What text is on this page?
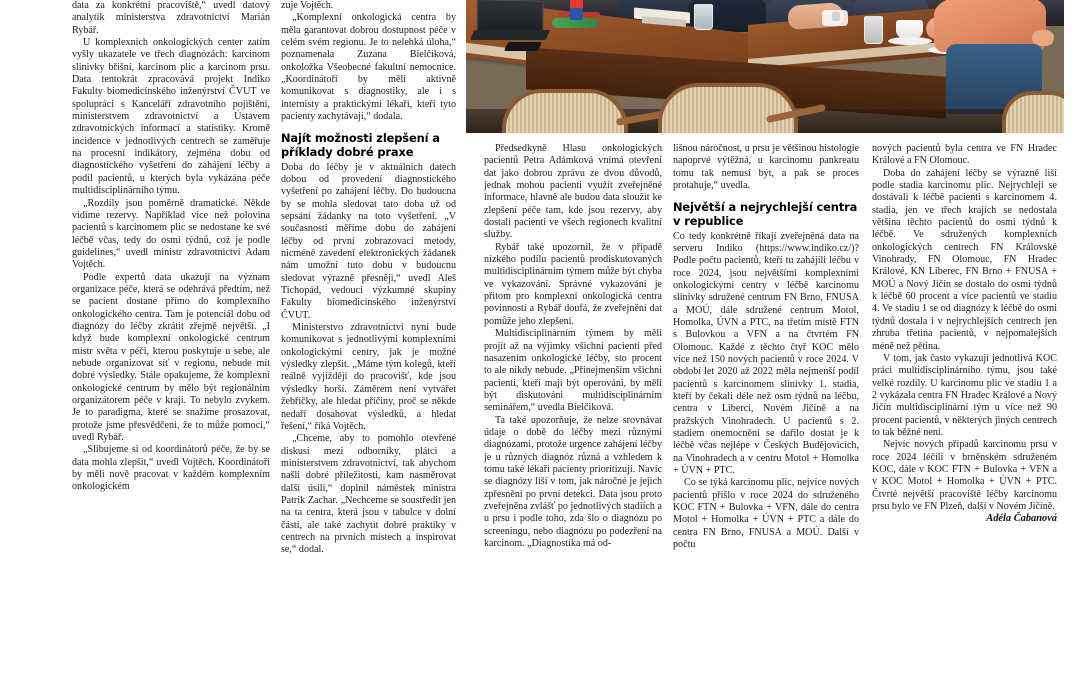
data za konkrétní pracoviště,“ uvedl datový analytik ministerstva zdravotnictví Marián Rybář.

U komplexních onkologických center zatím vyšly ukazatele ve třech diagnózách: karcinom slinivky břišní, karcinom plic a karcinom prsu. Data tentokrát zpracovává projekt Indiko Fakulty biomedicínského inženýrství ČVUT ve spolupráci s Kanceláří zdravotního pojištění, ministerstvem zdravotnictví a Ústavem zdravotnických informací a statistiky. Kromě incidence v jednotlivých centrech se zaměřuje na procesní indikátory, zejména dobu od diagnostického vyšetření do zahájení léčby a podíl pacientů, u kterých byla vykázána péče multidisciplinárního týmu.

„Rozdíly jsou poměrně dramatické. Někde vidíme rezervy. Například více než polovina pacientů s karcinomem plic se nedostane ke své léčbě včas, tedy do osmi týdnů, což je podle guidelines,“ uvedl ministr zdravotnictví Adam Vojtěch.

Podle expertů data ukazují na význam organizace péče, která se odehrává předtím, než se pacient dostane přímo do komplexního onkologického centra. Tam je potenciál dobu od diagnózy do léčby zkrátit zřejmě největší. „I když bude komplexní onkologické centrum mistr světa v péči, kterou poskytuje u sebe, ale nebude organizovat síť v regionu, nebude mít dobré výsledky. Stále opakujeme, že komplexní onkologické centrum by mělo být regionálním organizátorem péče v kraji. To nebylo zvykem. Je to paradigma, které se snažíme prosazovat, protože jsme přesvědčeni, že to může pomoci,“ uvedl Rybář.

„Slibujeme si od koordinátorů péče, že by se data mohla zlepšit,“ uvedl Vojtěch. Koordinátoři by měli nově pracovat v každém komplexním onkologickém

zuje Vojtěch.

„Komplexní onkologická centra by měla garantovat dobrou dostupnost péče v celém svém regionu. Je to nelehká úloha,“ poznamenala Zuzana Bielčiková, onkoložka Všeobecné fakultní nemocnice. „Koordinátoři by měli aktivně komunikovat s diagnostiky, ale i s internisty a praktickými lékaři, kteří tyto pacienty zachytávají,“ dodala.

Najít možnosti zlepšení a příklady dobré praxe

Doba do léčby je v aktuálních datech dobou od provedení diagnostického vyšetření po zahájení léčby. Do budoucna by se mohla sledovat tato doba už od sepsání žádanky na toto vyšetření. „V současnosti měříme dobu do zahájení léčby od první zobrazovací metody, nicméně zavedení elektronických žádanek nám umožní tuto dobu v budoucnu sledovat výrazně přesněji,“ uvedl Aleš Tichopád, vedoucí výzkumné skupiny Fakulty biomedicínského inženýrství ČVUT.

Ministerstvo zdravotnictví nyní bude komunikovat s jednotlivými komplexními onkologickými centry, jak je možné výsledky zlepšit. „Máme tým kolegů, kteří reálně vyjíždějí do pracovišť, kde jsou výsledky horší. Záměrem není vytvářet žebříčky, ale hledat příčiny, proč se někde nedaří dosahovat výsledků, a hledat řešení,“ říká Vojtěch.

„Chceme, aby to pomohlo otevřené diskusi mezi odborníky, plátci a ministerstvem zdravotnictví, tak abychom našli dobré příležitosti, kam nasměrovat další úsilí,“ doplnil náměstek ministra Patrik Zachar. „Nechceme se soustředit jen na ta centra, která jsou v tabulce v dolní části, ale také zachytit dobré praktiky v centrech na prvních místech a inspirovat se,“ dodal.

Předsedkyně Hlasu onkologických pacientů Petra Adámková vnímá otevření dat jako dobrou zprávu ze dvou důvodů, jednak mohou pacienti využít zveřejněné informace, hlavně ale budou data sloužit ke zlepšení péče tam, kde jsou rezervy, aby dostali pacienti ve všech regionech kvalitní služby.

Rybář také upozornil, že v případě nízkého podílu pacientů prodiskutovaných multidisciplinárním týmem může být chyba ve vykazování. Správné vykazování je přitom pro komplexní onkologická centra povinností a Rybář doufá, že zveřejnění dat pomůže jeho zlepšení.

Multidisciplinárním týmem by měli projít až na výjimky všichni pacienti před nasazením onkologické léčby, sto procent to ale nikdy nebude. „Přinejmenším všichni pacienti, kteří mají být operováni, by měli být diskutováni multidisciplinárním seminářem,“ uvedla Bielčiková.

Ta také upozorňuje, že nelze srovnávat údaje o době do léčby mezi různými diagnózami, protože urgence zahájení léčby je u různých diagnóz různá a vzhledem k tomu také lékaři pacienty prioritizují. Navíc se diagnózy liší v tom, jak náročné je jejich zpřesnění po první detekci. Data jsou proto zveřejněna zvlášť po jednotlivých stadiích a u prsu i podle toho, zda šlo o diagnózu po screeningu, nebo diagnózu po podezření na karcinom. „Diagnostika má od-

lišnou náročnost, u prsu je většinou histologie napoprvé výtěžná, u karcinomu pankreatu tomu tak nemusí být, a pak se proces protahuje,“ uvedla.

Největší a nejrychlejší centra v republice

Co tedy konkrétně říkají zveřejněná data na serveru Indiko (https://www.indiko.cz/)? Podle počtu pacientů, kteří tu zahájili léčbu v roce 2024, jsou největšími komplexními onkologickými centry v léčbě karcinomu slinivky sdružené centrum FN Brno, FNUSA a MOÚ, dále sdružené centrum Motol, Homolka, ÚVN a PTC, na třetím místě FTN s Bulovkou a VFN a na čtvrtém FN Olomouc. Každé z těchto čtyř KOC mělo více než 150 nových pacientů v roce 2024. V období let 2020 až 2022 měla nejmenší podíl pacientů s karcinomem slinivky 1. stadia, kteří by čekali déle než osm týdnů na léčbu, centra v Liberci, Novém Jičíně a na pražských Vinohradech. U pacientů s 2. stadiem onemocnění se dařilo dostat je k léčbě včas nejlépe v Českých Budějovicích, na Vinohradech a v centru Motol + Homolka + ÚVN + PTC.

Co se týká karcinomu plic, nejvíce nových pacientů přišlo v roce 2024 do sdruženého KOC FTN + Bulovka + VFN, dále do centra Motol + Homolka + ÚVN + PTC a dále do centra FN Brno, FNUSA a MOÚ. Další v počtu

nových pacientů byla centra ve FN Hradec Králové a FN Olomouc.

Doba do zahájení léčby se výrazně liší podle stadia karcinomu plic. Nejrychleji se dostávali k léčbě pacienti s karcinomem 4. stadia, jen ve třech krajích se nedostala většina těchto pacientů do osmi týdnů k léčbě. Ve sdružených komplexních onkologických centrech FN Královské Vinohrady, FN Olomouc, FN Hradec Králové, KN Liberec, FN Brno + FNUSA + MOÚ a Nový Jičín se dostalo do osmi týdnů k léčbě 60 procent a více pacientů ve stadiu 4. Ve stadiu 1 se od diagnózy k léčbě do osmi týdnů dostala i v nejrychlejších centrech jen zhruba třetina pacientů, v nejpomalejších méně než pětina.

V tom, jak často vykazují jednotlivá KOC práci multidisciplinárního týmu, jsou také velké rozdíly. U karcinomu plic ve stadiu 1 a 2 vykázala centra FN Hradec Králové a Nový Jičín multidisciplinární tým u více než 90 procent pacientů, v některých jiných centrech to tak běžné není.

Nejvíc nových případů karcinomu prsu v roce 2024 léčili v brněnském sdruženém KOC, dále v KOC FTN + Bulovka + VFN a v KOC Motol + Homolka + ÚVN + PTC. Čtvrté největší pracoviště léčby karcinomu prsu bylo ve FN Plzeň, další v Novém Jičíně.

Adéla Čabanová
